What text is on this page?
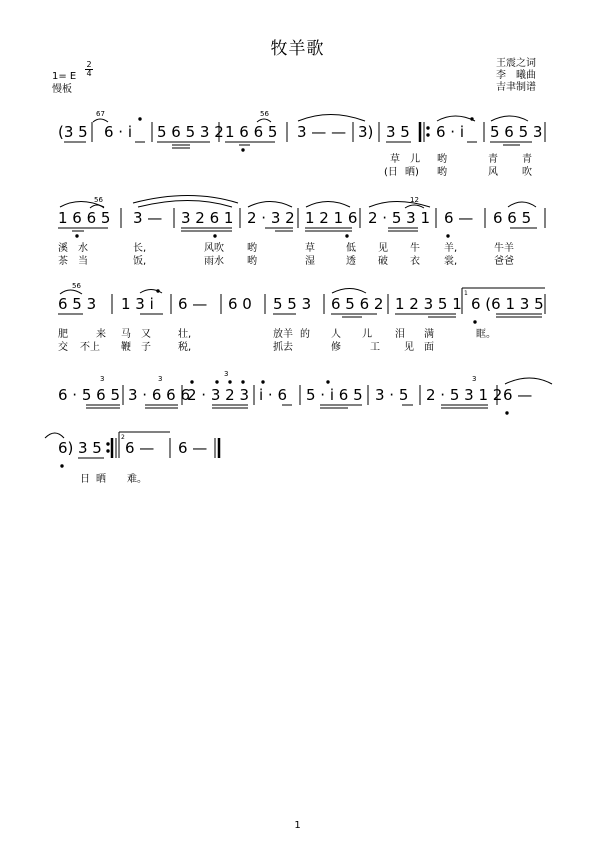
牧羊歌
1= E $\frac{2}{4}$
慢板
王震之词
李　曦曲
吉聿制谱
(3 5
67
6 · i 5 6 5 3 2 1 6 6 5
56
3 — — 3) 3 5 6 · i 5 6 5 3
1 6 6 5
56
3 — 3 2 6 1 2 · 3 2 1 2 1 6 2 · 5 3 1
12
6 — 6 6 5
6 5 3
56
1 3 i 6 — 6 0 5 5 3 6 5 6 2 1 2 3 5 1
1
6 (6 1 3 5
6 · 5 6 5
3
3 · 6 6 6
3
2 · 3 2 3
3
i · 6 5 · i 6 5 3 · 5 2 · 5 3 1 2
3
6 —
6) 3 5
2
6 — 6 —
草 儿 哟	青 青
(日 晒) 哟	风 吹
溪 水	长,	风吹 哟	草	低 见 牛 羊,	牛羊
茶 当	饭,	雨水 哟	湿	透 破 衣 裳,	爸爸
肥	来 马 又	壮,	放羊 的 人 儿 泪 满	眶。
交 不上 鞭 子	税,	抓去	修	工 见 面
日 晒 难。
1
